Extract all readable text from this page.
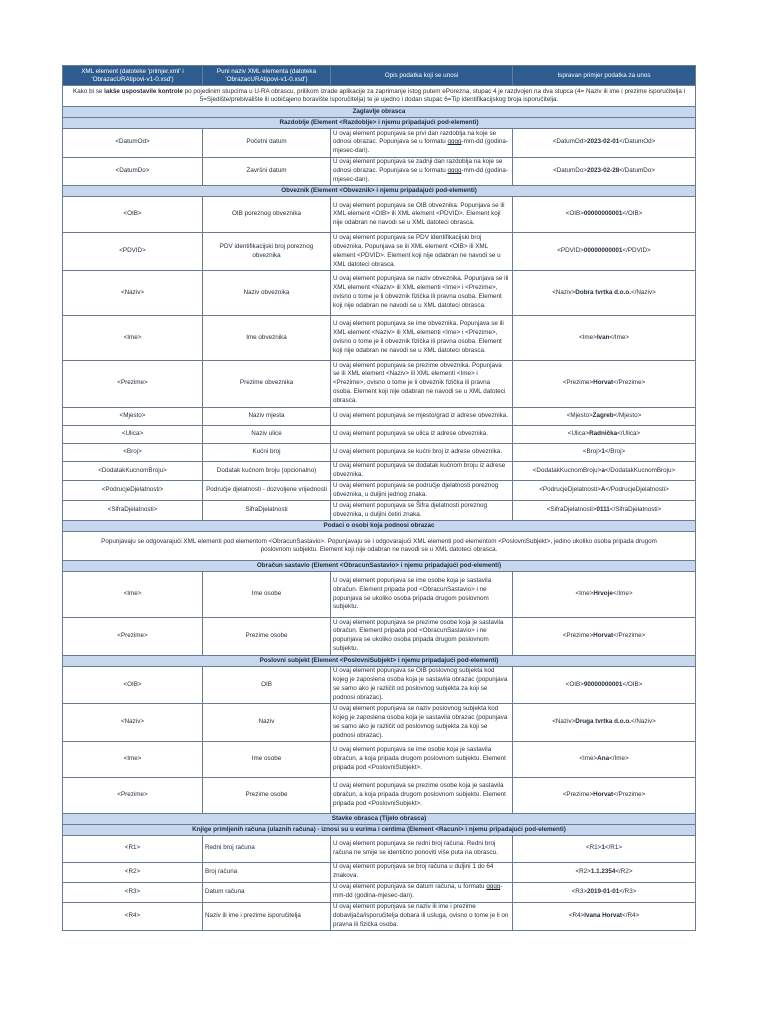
XML element (datoteke 'primjer.xml' i 'ObrazacURAtipovi-v1-0.xsd')	Puni naziv XML elementa (datoteka 'ObrazacURAtipovi-v1-0.xsd')	Opis podatka koji se unosi	Ispravan primjer podatka za unos
Kako bi se lakše uspostavile kontrole po pojedinim stupcima u U-RA obrascu, prilikom izrade aplikacije za zaprimanje istog putem ePorezna, stupac 4 je razdvojen na dva stupca (4= Naziv ili ime i prezime isporučitelja i 5=Sjedište/prebivalište ili uobičajeno boravište isporučitelja) te je ujedno i dodan stupac 6=Tip identifikacijskog broja isporučitelja.			
Zaglavlje obrasca			
Razdoblje (Element <Razdoblje> i njemu pripadajući pod-elementi)			
<DatumOd>	Početni datum	U ovaj element popunjava se prvi dan razdoblja na koje se odnosi obrazac. Popunjava se u formatu gggg-mm-dd (godina-mjesec-dan).	<DatumOd>2023-02-01</DatumOd>
<DatumDo>	Završni datum	U ovaj element popunjava se zadnji dan razdoblja na koje se odnosi obrazac. Popunjava se u formatu gggg-mm-dd (godina-mjesec-dan).	<DatumDo>2023-02-28</DatumDo>
Obveznik (Element <Obveznik> i njemu pripadajući pod-elementi)			
<OIB>	OIB poreznog obveznika	U ovaj element popunjava se OIB obveznika. Popunjava se ili XML element <OIB> ili XML element <PDVID>. Element koji nije odabran ne navodi se u XML datoteci obrasca.	<OIB>00000000001</OIB>
<PDVID>	PDV identifikacijski broj poreznog obveznika	U ovaj element popunjava se PDV identifikacijski broj obveznika. Popunjava se ili XML element <OIB> ili XML element <PDVID>. Element koji nije odabran ne navodi se u XML datoteci obrasca.	<PDVID>00000000001</PDVID>
<Naziv>	Naziv obveznika	U ovaj element popunjava se naziv obveznika. Popunjava se ili XML element <Naziv> ili XML elementi <Ime> i <Prezime>, ovisno o tome je li obveznik fizička ili pravna osoba. Element koji nije odabran ne navodi se u XML datoteci obrasca.	<Naziv>Dobra tvrtka d.o.o.</Naziv>
<Ime>	Ime obveznika	U ovaj element popunjava se ime obveznika. Popunjava se ili XML element <Naziv> ili XML elementi <Ime> i <Prezime>, ovisno o tome je li obveznik fizička ili pravna osoba. Element koji nije odabran ne navodi se u XML datoteci obrasca.	<Ime>Ivan</Ime>
<Prezime>	Prezime obveznika	U ovaj element popunjava se prezime obveznika. Popunjava se ili XML element <Naziv> ili XML elementi <Ime> i <Prezime>, ovisno o tome je li obveznik fizička ili pravna osoba. Element koji nije odabran ne navodi se u XML datoteci obrasca.	<Prezime>Horvat</Prezime>
<Mjesto>	Naziv mjesta	U ovaj element popunjava se mjesto/grad iz adrese obveznika.	<Mjesto>Zagreb</Mjesto>
<Ulica>	Naziv ulice	U ovaj element popunjava se ulica iz adrese obveznika.	<Ulica>Radnička</Ulica>
<Broj>	Kućni broj	U ovaj element popunjava se kućni broj iz adrese obveznika.	<Broj>1</Broj>
<DodatakKucnomBroju>	Dodatak kućnom broju (opcionalno)	U ovaj element popunjava se dodatak kućnom broju iz adrese obveznika.	<DodatakKucnomBroju>a</DodatakKucnomBroju>
<PodrucjeDjelatnosti>	Područje djelatnosti - dozvoljene vrijednosti	U ovaj element popunjava se područje djelatnosti poreznog obveznika, u duljini jednog znaka.	<PodrucjeDjelatnosti>A</PodrucjeDjelatnosti>
<SifraDjelatnosti>	SifraDjelatnosti	U ovaj element popunjava se Šifra djelatnosti poreznog obveznika, u duljini četiri znaka.	<SifraDjelatnosti>0111</SifraDjelatnosti>
Podaci o osobi koja podnosi obrazac			
Popunjavaju se odgovarajući XML elementi pod elementom <ObracunSastavio>. Popunjavaju se i odgovarajući XML elementi pod elementom <PoslovniSubjekt>, jedino ukoliko osoba pripada drugom poslovnom subjektu. Element koji nije odabran ne navodi se u XML datoteci obrasca.			
Obračun sastavio (Element <ObracunSastavio> i njemu pripadajući pod-elementi)			
<Ime>	Ime osobe	U ovaj element popunjava se ime osobe koja je sastavila obračun. Element pripada pod <ObracunSastavio> i ne popunjava se ukoliko osoba pripada drugom poslovnom subjektu.	<Ime>Hrvoje</Ime>
<Prezime>	Prezime osobe	U ovaj element popunjava se prezime osobe koja je sastavila obračun. Element pripada pod <ObracunSastavio> i ne popunjava se ukoliko osoba pripada drugom poslovnom subjektu.	<Prezime>Horvat</Prezime>
Poslovni subjekt (Element <PoslovniSubjekt> i njemu pripadajući pod-elementi)			
<OIB>	OIB	U ovaj element popunjava se OIB poslovnog subjekta kod kojeg je zaposlena osoba koja je sastavila obrazac (popunjava se samo ako je različit od poslovnog subjekta za koji se podnosi obrazac).	<OIB>90000000001</OIB>
<Naziv>	Naziv	U ovaj element popunjava se naziv poslovnog subjekta kod kojeg je zaposlena osoba koja je sastavila obrazac (popunjava se samo ako je različit od poslovnog subjekta za koji se podnosi obrazac).	<Naziv>Druga tvrtka d.o.o.</Naziv>
<Ime>	Ime osobe	U ovaj element popunjava se ime osobe koja je sastavila obračun, a koja pripada drugom poslovnom subjektu. Element pripada pod <PoslovniSubjekt>.	<Ime>Ana</Ime>
<Prezime>	Prezime osobe	U ovaj element popunjava se prezime osobe koja je sastavila obračun, a koja pripada drugom poslovnom subjektu. Element pripada pod <PoslovniSubjekt>.	<Prezime>Horvat</Prezime>
Stavke obrasca (Tijelo obrasca)			
Knjige primljenih računa (ulaznih računa) - iznosi su u eurima i centima (Element <Racuni> i njemu pripadajući pod-elementi)			
<R1>	Redni broj računa	U ovaj element popunjava se redni broj računa. Redni broj računa ne smije se identično ponoviti više puta na obrascu.	<R1>1</R1>
<R2>	Broj računa	U ovaj element popunjava se broj računa u duljini 1 do 64 znakova.	<R2>1.1.2354</R2>
<R3>	Datum računa	U ovaj element popunjava se datum računa, u formatu gggg-mm-dd (godina-mjesec-dan).	<R3>2019-01-01</R3>
<R4>	Naziv ili ime i prezime isporučitelja	U ovaj element popunjava se naziv ili ime i prezime dobavljača/isporučitelja dobara ili usluga, ovisno o tome je li on pravna ili fizička osoba.	<R4>Ivana Horvat</R4>
